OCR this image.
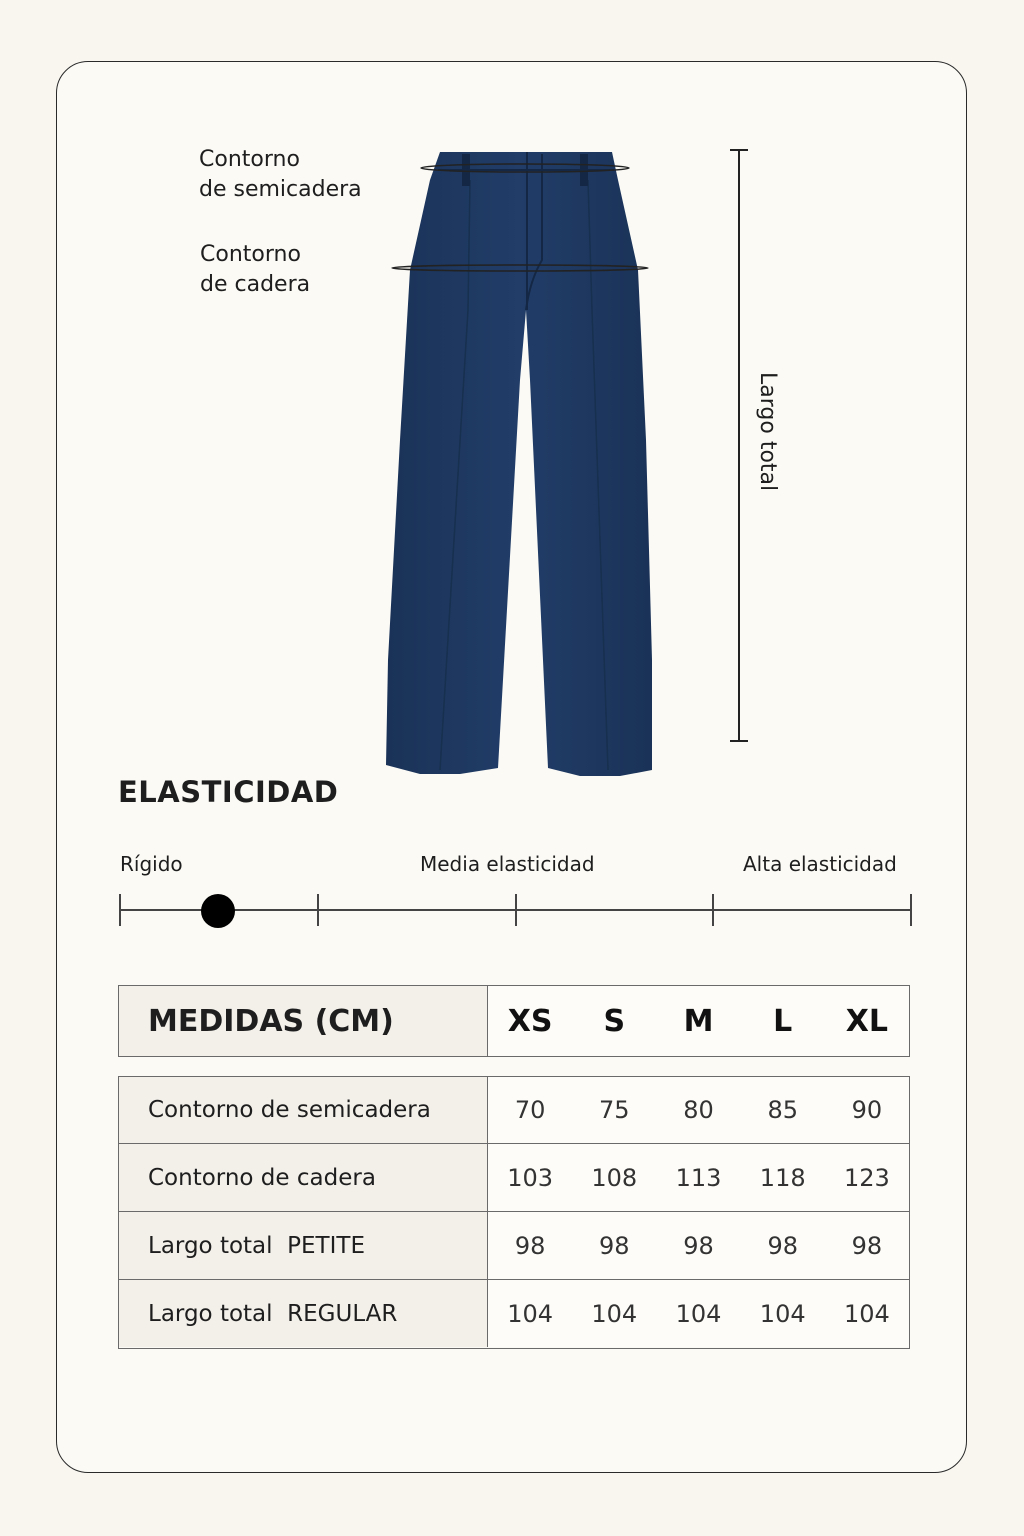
Contorno
de semicadera
Contorno
de cadera
Largo total
ELASTICIDAD
Rígido	Media elasticidad	Alta elasticidad
MEDIDAS (CM)	XS	S	M	L	XL
Contorno de semicadera	70	75	80	85	90
Contorno de cadera	103	108	113	118	123
Largo total  PETITE	98	98	98	98	98
Largo total  REGULAR	104	104	104	104	104
